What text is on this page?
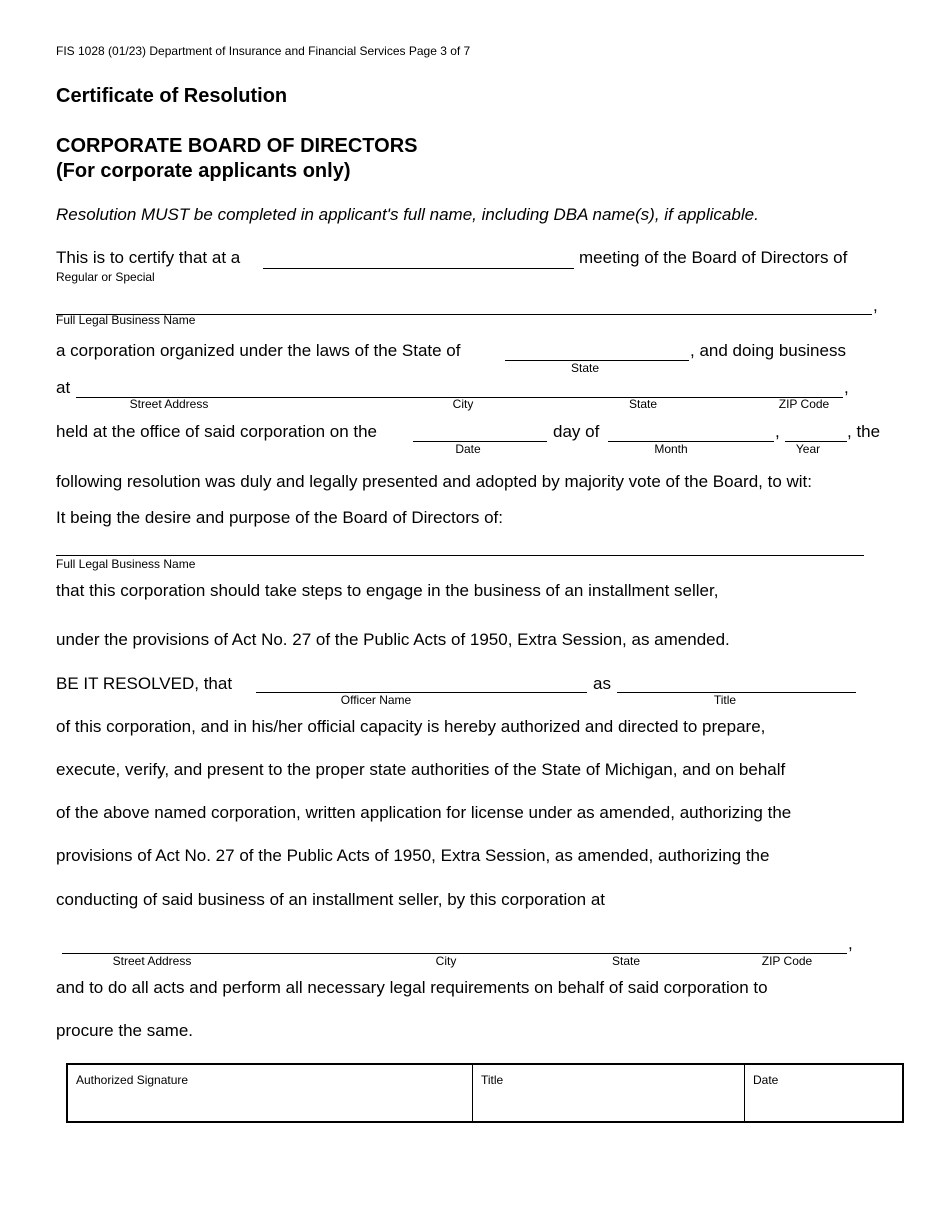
FIS 1028 (01/23) Department of Insurance and Financial Services Page 3 of 7
Certificate of Resolution
CORPORATE BOARD OF DIRECTORS
(For corporate applicants only)
Resolution MUST be completed in applicant's full name, including DBA name(s), if applicable.
This is to certify that at a	meeting of the Board of Directors of
Regular or Special
,
Full Legal Business Name
a corporation organized under the laws of the State of	, and doing business
State
at	,
Street Address	City	State	ZIP Code
held at the office of said corporation on the	day of	,	, the
Date	Month	Year
following resolution was duly and legally presented and adopted by majority vote of the Board, to wit:
It being the desire and purpose of the Board of Directors of:
Full Legal Business Name
that this corporation should take steps to engage in the business of an installment seller,
under the provisions of Act No. 27 of the Public Acts of 1950, Extra Session, as amended.
BE IT RESOLVED, that	as
Officer Name	Title
of this corporation, and in his/her official capacity is hereby authorized and directed to prepare,
execute, verify, and present to the proper state authorities of the State of Michigan, and on behalf
of the above named corporation, written application for license under as amended, authorizing the
provisions of Act No. 27 of the Public Acts of 1950, Extra Session, as amended, authorizing the
conducting of said business of an installment seller, by this corporation at
,
Street Address	City	State	ZIP Code
and to do all acts and perform all necessary legal requirements on behalf of said corporation to
procure the same.
Authorized Signature	Title	Date
